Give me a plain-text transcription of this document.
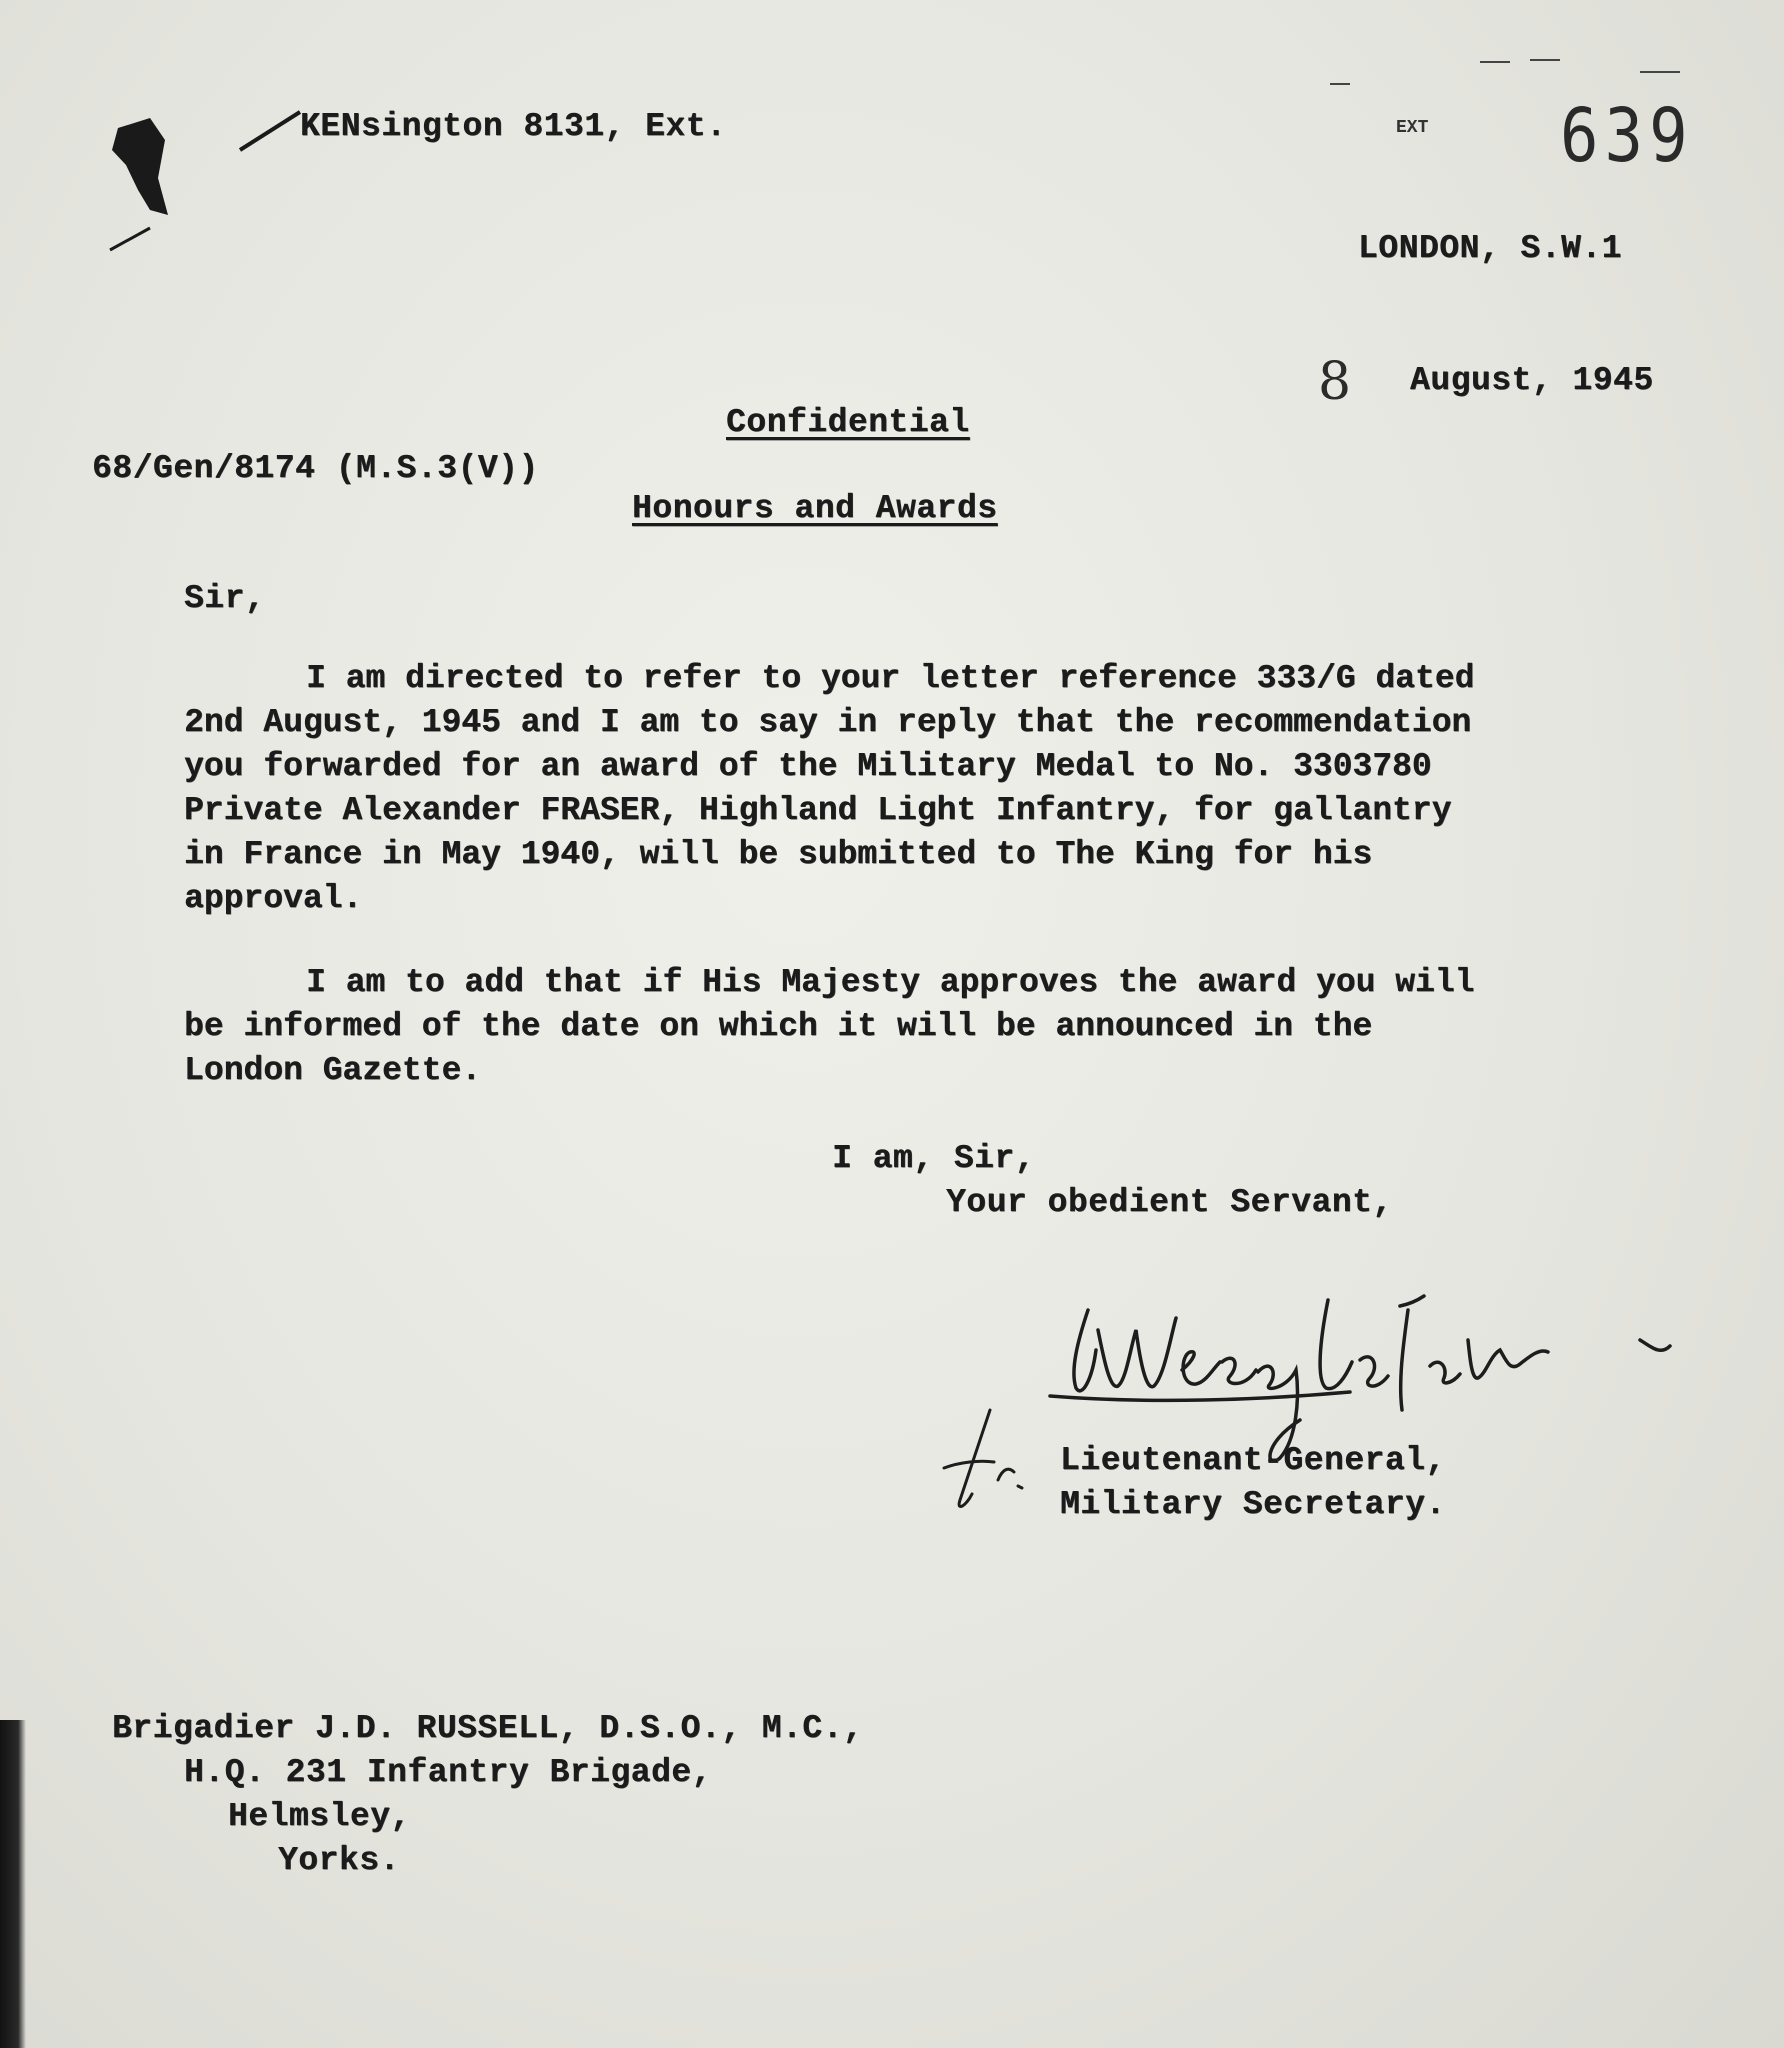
KENsington 8131, Ext.	EXT 639
LONDON, S.W.1
8 August, 1945
Confidential
68/Gen/8174 (M.S.3(V))
Honours and Awards
Sir,
I am directed to refer to your letter reference 333/G dated
2nd August, 1945 and I am to say in reply that the recommendation
you forwarded for an award of the Military Medal to No. 3303780
Private Alexander FRASER, Highland Light Infantry, for gallantry
in France in May 1940, will be submitted to The King for his
approval.
I am to add that if His Majesty approves the award you will
be informed of the date on which it will be announced in the
London Gazette.
I am, Sir,
Your obedient Servant,
Lieutenant-General,
Military Secretary.
Brigadier J.D. RUSSELL, D.S.O., M.C.,
H.Q. 231 Infantry Brigade,
Helmsley,
Yorks.
